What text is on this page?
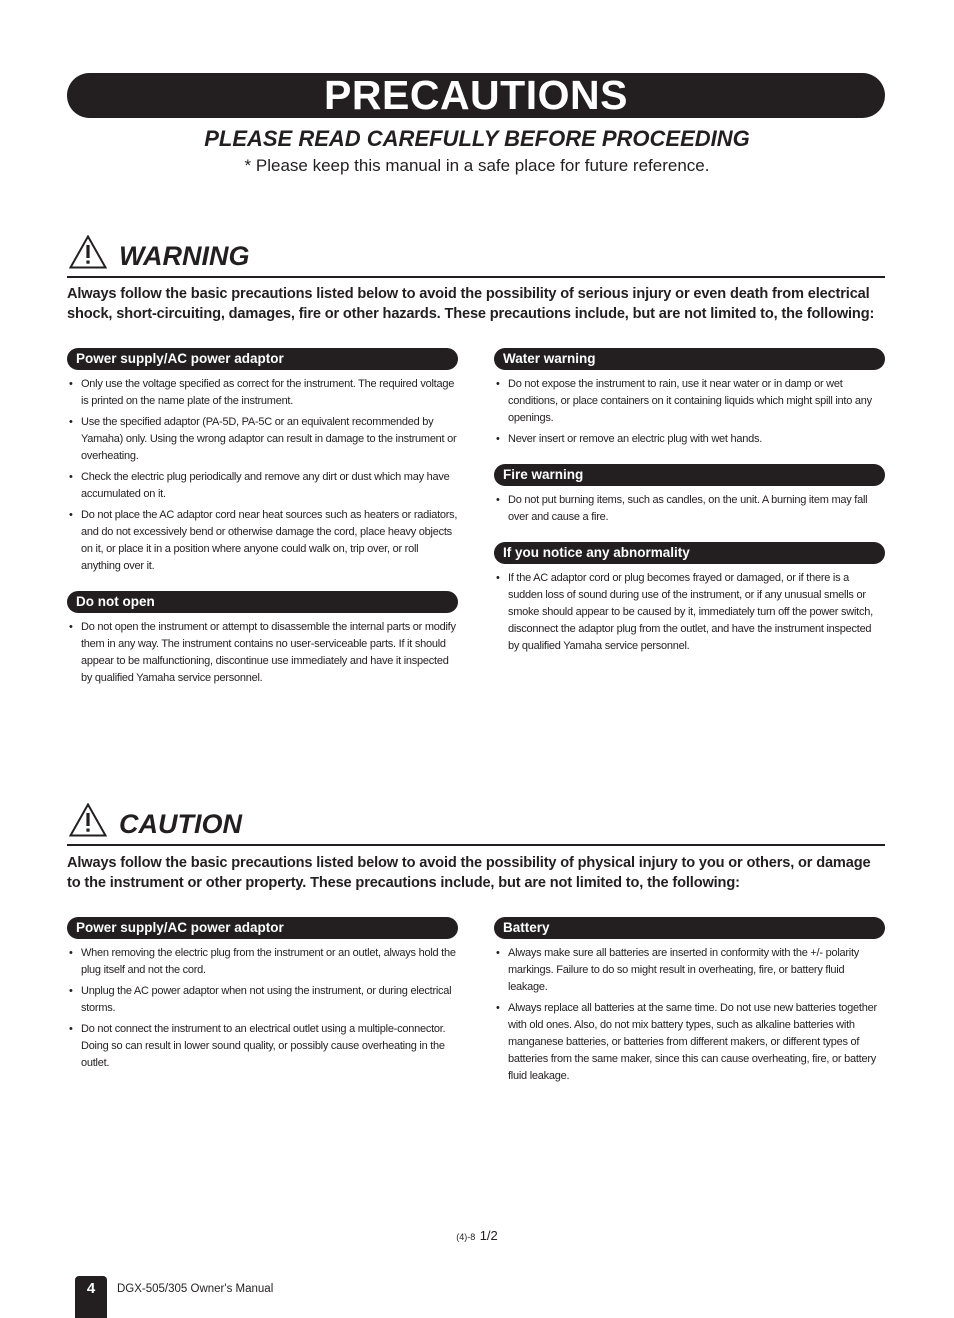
PRECAUTIONS
PLEASE READ CAREFULLY BEFORE PROCEEDING
* Please keep this manual in a safe place for future reference.
WARNING
Always follow the basic precautions listed below to avoid the possibility of serious injury or even death from electrical shock, short-circuiting, damages, fire or other hazards. These precautions include, but are not limited to, the following:
Power supply/AC power adaptor
• Only use the voltage specified as correct for the instrument. The required voltage is printed on the name plate of the instrument.
• Use the specified adaptor (PA-5D, PA-5C or an equivalent recommended by Yamaha) only. Using the wrong adaptor can result in damage to the instrument or overheating.
• Check the electric plug periodically and remove any dirt or dust which may have accumulated on it.
• Do not place the AC adaptor cord near heat sources such as heaters or radiators, and do not excessively bend or otherwise damage the cord, place heavy objects on it, or place it in a position where anyone could walk on, trip over, or roll anything over it.
Do not open
• Do not open the instrument or attempt to disassemble the internal parts or modify them in any way. The instrument contains no user-serviceable parts. If it should appear to be malfunctioning, discontinue use immediately and have it inspected by qualified Yamaha service personnel.
Water warning
• Do not expose the instrument to rain, use it near water or in damp or wet conditions, or place containers on it containing liquids which might spill into any openings.
• Never insert or remove an electric plug with wet hands.
Fire warning
• Do not put burning items, such as candles, on the unit. A burning item may fall over and cause a fire.
If you notice any abnormality
• If the AC adaptor cord or plug becomes frayed or damaged, or if there is a sudden loss of sound during use of the instrument, or if any unusual smells or smoke should appear to be caused by it, immediately turn off the power switch, disconnect the adaptor plug from the outlet, and have the instrument inspected by qualified Yamaha service personnel.
CAUTION
Always follow the basic precautions listed below to avoid the possibility of physical injury to you or others, or damage to the instrument or other property. These precautions include, but are not limited to, the following:
Power supply/AC power adaptor
• When removing the electric plug from the instrument or an outlet, always hold the plug itself and not the cord.
• Unplug the AC power adaptor when not using the instrument, or during electrical storms.
• Do not connect the instrument to an electrical outlet using a multiple-connector. Doing so can result in lower sound quality, or possibly cause overheating in the outlet.
Battery
• Always make sure all batteries are inserted in conformity with the +/- polarity markings. Failure to do so might result in overheating, fire, or battery fluid leakage.
• Always replace all batteries at the same time. Do not use new batteries together with old ones. Also, do not mix battery types, such as alkaline batteries with manganese batteries, or batteries from different makers, or different types of batteries from the same maker, since this can cause overheating, fire, or battery fluid leakage.
(4)-8 1/2
4	DGX-505/305 Owner's Manual
